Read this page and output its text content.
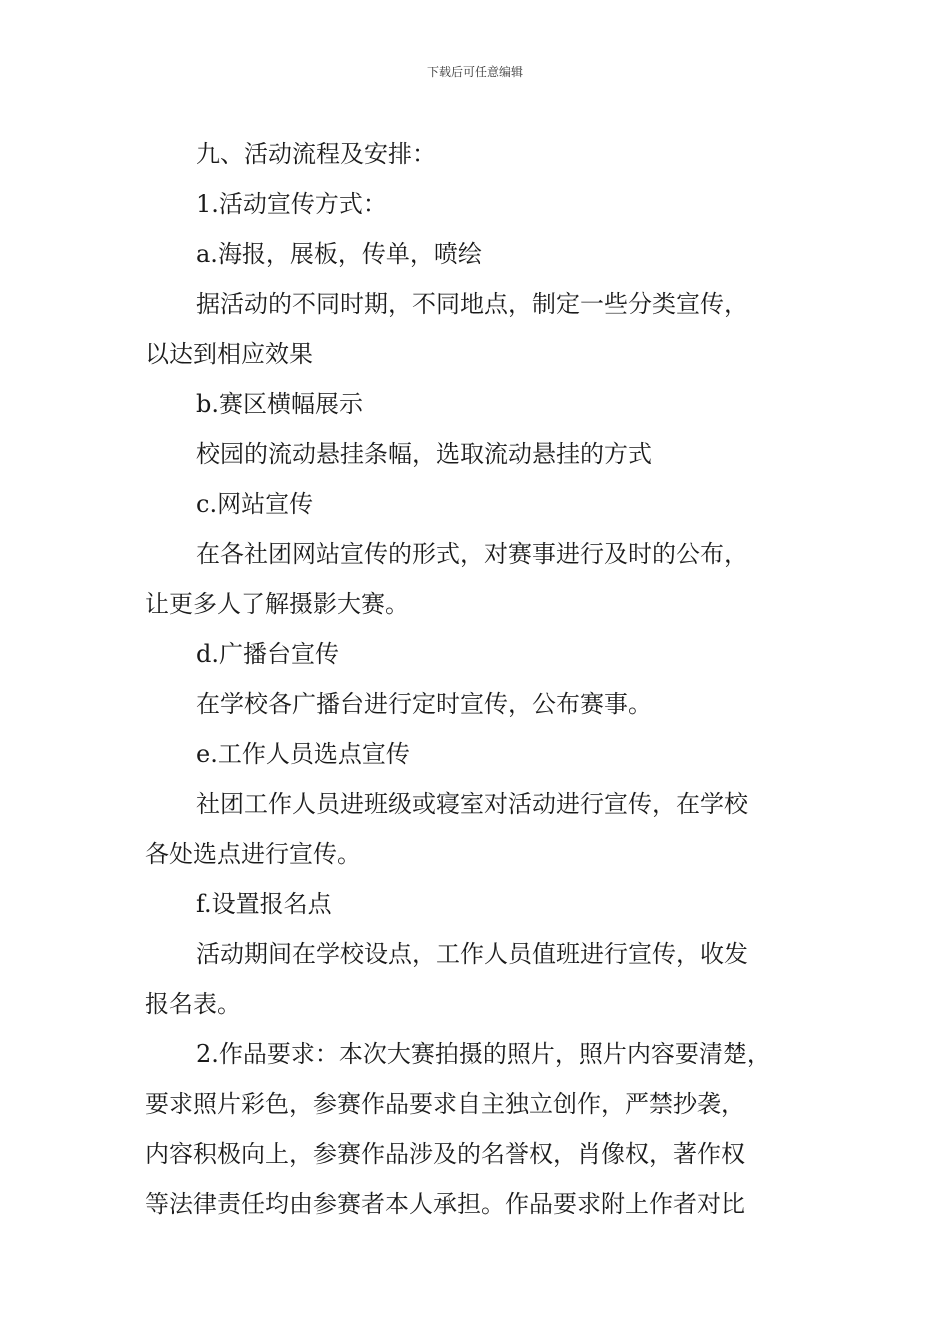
下载后可任意编辑
九、活动流程及安排：
1.活动宣传方式：
a.海报，展板，传单，喷绘
据活动的不同时期，不同地点，制定一些分类宣传，
以达到相应效果
b.赛区横幅展示
校园的流动悬挂条幅，选取流动悬挂的方式
c.网站宣传
在各社团网站宣传的形式，对赛事进行及时的公布，
让更多人了解摄影大赛。
d.广播台宣传
在学校各广播台进行定时宣传，公布赛事。
e.工作人员选点宣传
社团工作人员进班级或寝室对活动进行宣传，在学校
各处选点进行宣传。
f.设置报名点
活动期间在学校设点，工作人员值班进行宣传，收发
报名表。
2.作品要求：本次大赛拍摄的照片，照片内容要清楚，
要求照片彩色，参赛作品要求自主独立创作，严禁抄袭，
内容积极向上，参赛作品涉及的名誉权，肖像权，著作权
等法律责任均由参赛者本人承担。作品要求附上作者对比
